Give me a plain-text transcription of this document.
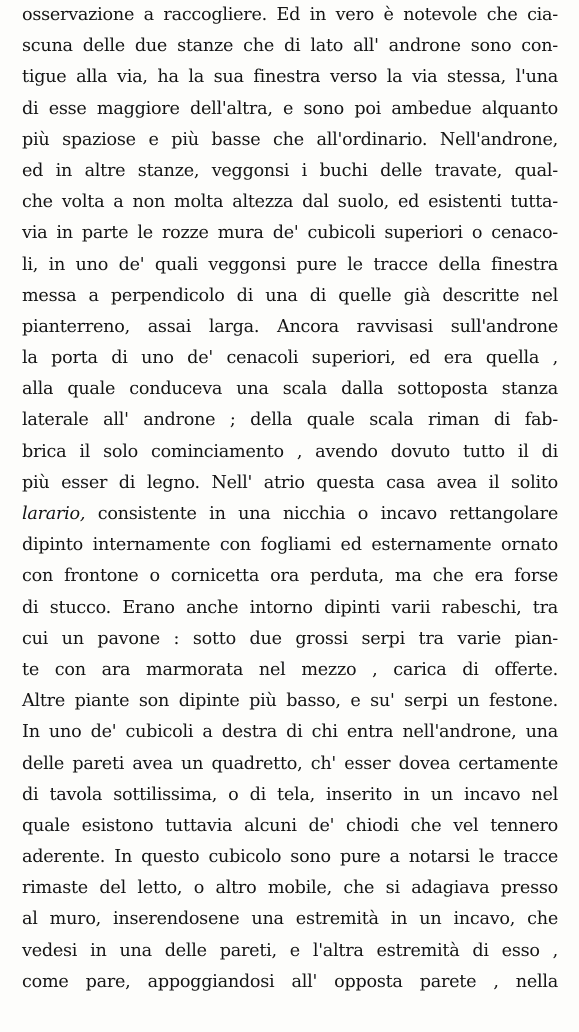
osservazione a raccogliere. Ed in vero è notevole che cia-
scuna delle due stanze che di lato all' androne sono con-
tigue alla via, ha la sua finestra verso la via stessa, l'una
di esse maggiore dell'altra, e sono poi ambedue alquanto
più spaziose e più basse che all'ordinario. Nell'androne,
ed in altre stanze, veggonsi i buchi delle travate, qual-
che volta a non molta altezza dal suolo, ed esistenti tutta-
via in parte le rozze mura de' cubicoli superiori o cenaco-
li, in uno de' quali veggonsi pure le tracce della finestra
messa a perpendicolo di una di quelle già descritte nel
pianterreno, assai larga. Ancora ravvisasi sull'androne
la porta di uno de' cenacoli superiori, ed era quella ,
alla quale conduceva una scala dalla sottoposta stanza
laterale all' androne ; della quale scala riman di fab-
brica il solo cominciamento , avendo dovuto tutto il di
più esser di legno. Nell' atrio questa casa avea il solito
larario, consistente in una nicchia o incavo rettangolare
dipinto internamente con fogliami ed esternamente ornato
con frontone o cornicetta ora perduta, ma che era forse
di stucco. Erano anche intorno dipinti varii rabeschi, tra
cui un pavone : sotto due grossi serpi tra varie pian-
te con ara marmorata nel mezzo , carica di offerte.
Altre piante son dipinte più basso, e su' serpi un festone.
In uno de' cubicoli a destra di chi entra nell'androne, una
delle pareti avea un quadretto, ch' esser dovea certamente
di tavola sottilissima, o di tela, inserito in un incavo nel
quale esistono tuttavia alcuni de' chiodi che vel tennero
aderente. In questo cubicolo sono pure a notarsi le tracce
rimaste del letto, o altro mobile, che si adagiava presso
al muro, inserendosene una estremità in un incavo, che
vedesi in una delle pareti, e l'altra estremità di esso ,
come pare, appoggiandosi all' opposta parete , nella
